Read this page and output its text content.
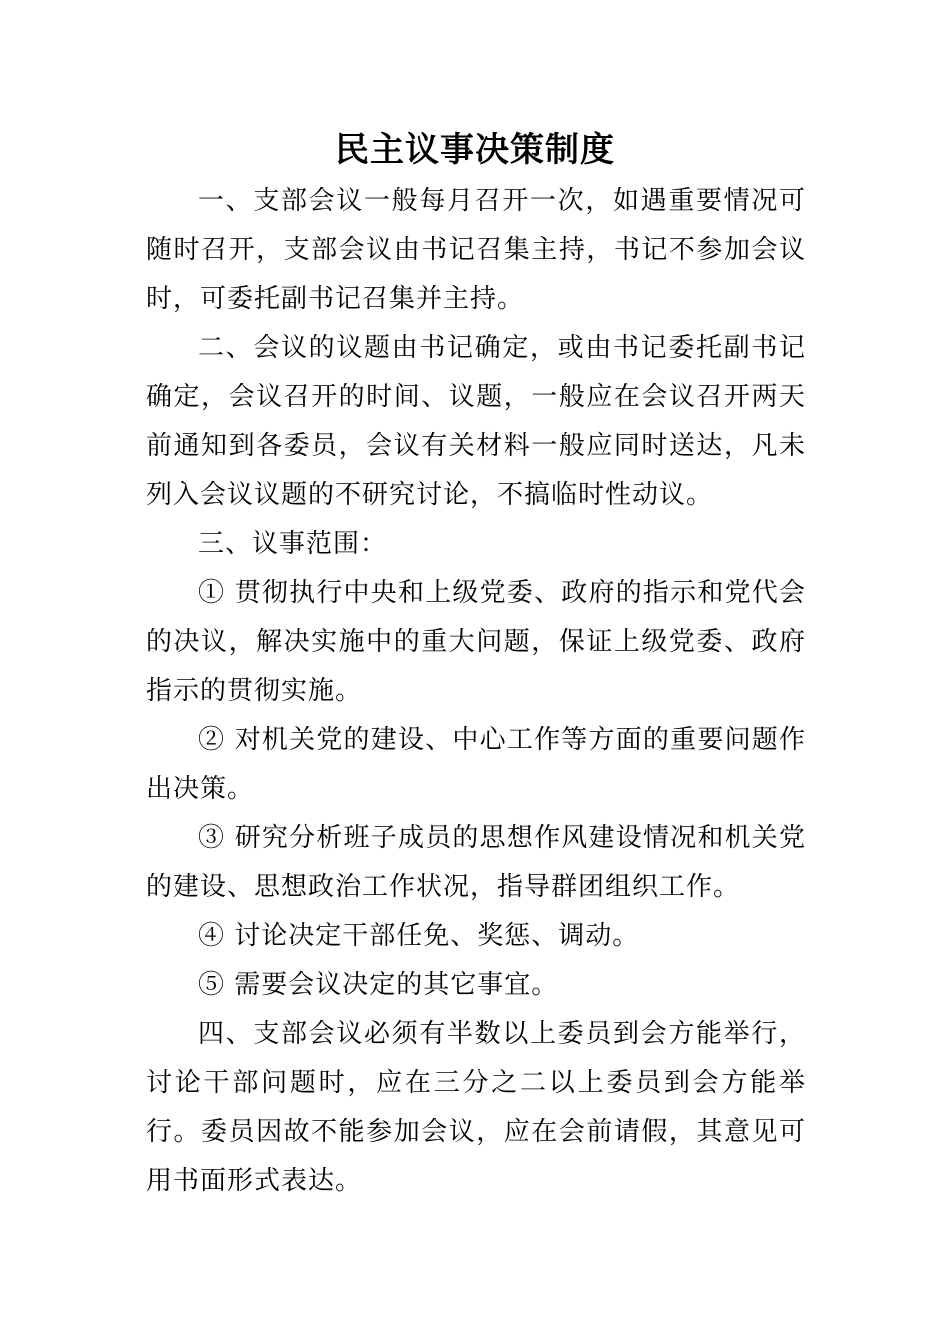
民主议事决策制度

一、支部会议一般每月召开一次，如遇重要情况可随时召开，支部会议由书记召集主持，书记不参加会议时，可委托副书记召集并主持。

二、会议的议题由书记确定，或由书记委托副书记确定，会议召开的时间、议题，一般应在会议召开两天前通知到各委员，会议有关材料一般应同时送达，凡未列入会议议题的不研究讨论，不搞临时性动议。

三、议事范围：

① 贯彻执行中央和上级党委、政府的指示和党代会的决议，解决实施中的重大问题，保证上级党委、政府指示的贯彻实施。

② 对机关党的建设、中心工作等方面的重要问题作出决策。

③ 研究分析班子成员的思想作风建设情况和机关党的建设、思想政治工作状况，指导群团组织工作。

④ 讨论决定干部任免、奖惩、调动。

⑤ 需要会议决定的其它事宜。

四、支部会议必须有半数以上委员到会方能举行，讨论干部问题时，应在三分之二以上委员到会方能举行。委员因故不能参加会议，应在会前请假，其意见可用书面形式表达。
